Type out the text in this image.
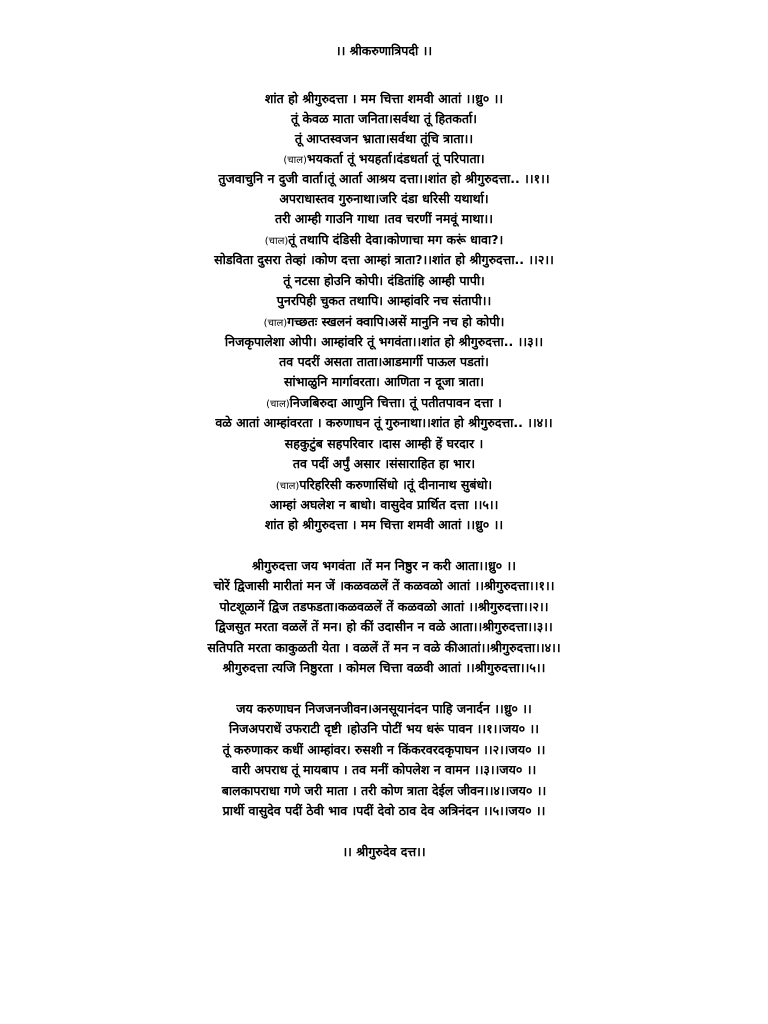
।। श्रीकरुणात्रिपदी ।।
शांत हो श्रीगुरुदत्ता । मम चित्ता शमवी आतां ।।ध्रु० ।।
तूं केवळ माता जनिता।सर्वथा तूं हितकर्ता।
तूं आप्तस्वजन भ्राता।सर्वथा तूंचि त्राता।।
(चाल)भयकर्ता तूं भयहर्ता।दंडधर्ता तूं परिपाता।
तुजवाचुनि न दुजी वार्ता।तूं आर्ता आश्रय दत्ता।।शांत हो श्रीगुरुदत्ता.. ।।१।।
अपराधास्तव गुरुनाथा।जरि दंडा धरिसी यथार्था।
तरी आम्ही गाउनि गाथा ।तव चरणीं नमवूं माथा।।
(चाल)तूं तथापि दंडिसी देवा।कोणाचा मग करूं धावा?।
सोडविता दुसरा तेव्हां ।कोण दत्ता आम्हां त्राता?।।शांत हो श्रीगुरुदत्ता.. ।।२।।
तूं नटसा होउनि कोपी। दंडितांहि आम्ही पापी।
पुनरपिही चुकत तथापि। आम्हांवरि नच संतापी।।
(चाल)गच्छतः स्खलनं क्वापि।असें मानुनि नच हो कोपी।
निजकृपालेशा ओपी। आम्हांवरि तूं भगवंता।।शांत हो श्रीगुरुदत्ता.. ।।३।।
तव पदरीं असता ताता।आडमार्गी पाऊल पडतां।
सांभाळुनि मार्गावरता। आणिता न दूजा त्राता।
(चाल)निजबिरुदा आणुनि चित्ता। तूं पतीतपावन दत्ता ।
वळे आतां आम्हांवरता । करुणाघन तूं गुरुनाथा।।शांत हो श्रीगुरुदत्ता.. ।।४।।
सहकुटुंब सहपरिवार ।दास आम्ही हें घरदार ।
तव पदीं अर्पुं असार ।संसाराहित हा भार।
(चाल)परिहरिसी करुणासिंधो ।तूं दीनानाथ सुबंधो।
आम्हां अघलेश न बाधो। वासुदेव प्रार्थित दत्ता ।।५।।
शांत हो श्रीगुरुदत्ता । मम चित्ता शमवी आतां ।।ध्रु० ।।
श्रीगुरुदत्ता जय भगवंता ।तें मन निष्ठुर न करी आता।।ध्रु० ।।
चोरें द्विजासी मारीतां मन जें ।कळवळलें तें कळवळो आतां ।।श्रीगुरुदत्ता।।१।।
पोटशूळानें द्विज तडफडता।कळवळलें तें कळवळो आतां ।।श्रीगुरुदत्ता।।२।।
द्विजसुत मरता वळलें तें मन। हो कीं उदासीन न वळे आता।।श्रीगुरुदत्ता।।३।।
सतिपति मरता काकुळती येता । वळलें तें मन न वळे कीआतां।।श्रीगुरुदत्ता।।४।।
श्रीगुरुदत्ता त्यजि निष्ठुरता । कोमल चित्ता वळवी आतां ।।श्रीगुरुदत्ता।।५।।
जय करुणाघन निजजनजीवन।अनसूयानंदन पाहि जनार्दन ।।ध्रु० ।।
निजअपराधें उफराटी दृष्टी ।होउनि पोटीं भय धरूं पावन ।।१।।जय० ।।
तूं करुणाकर कधीं आम्हांवर। रुसशी न किंकरवरदकृपाघन ।।२।।जय० ।।
वारी अपराध तूं मायबाप । तव मनीं कोपलेश न वामन ।।३।।जय० ।।
बालकापराधा गणे जरी माता । तरी कोण त्राता देईल जीवन।।४।।जय० ।।
प्रार्थी वासुदेव पदीं ठेवी भाव ।पदीं देवो ठाव देव अत्रिनंदन ।।५।।जय० ।।
।। श्रीगुरुदेव दत्त।।
